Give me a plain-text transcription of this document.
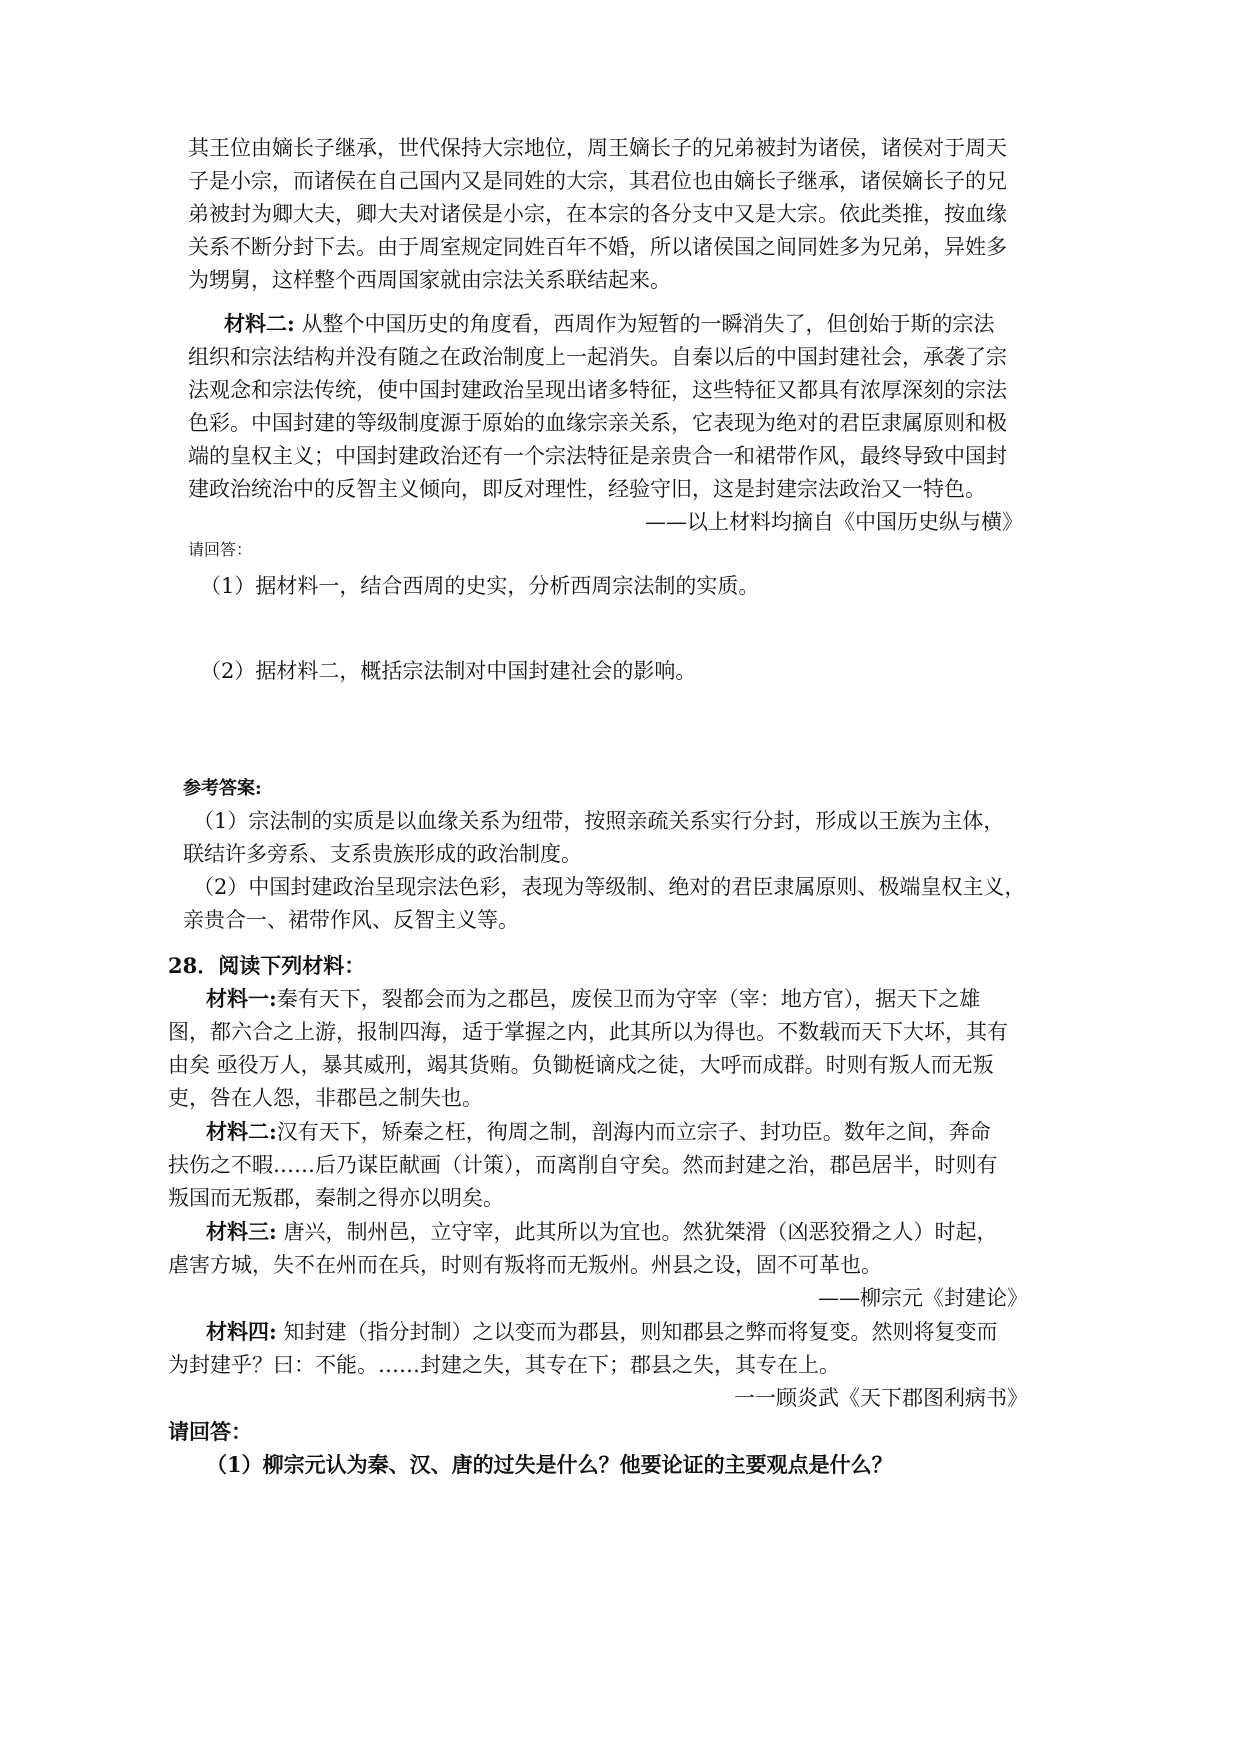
其王位由嫡长子继承，世代保持大宗地位，周王嫡长子的兄弟被封为诸侯，诸侯对于周天
子是小宗，而诸侯在自己国内又是同姓的大宗，其君位也由嫡长子继承，诸侯嫡长子的兄
弟被封为卿大夫，卿大夫对诸侯是小宗，在本宗的各分支中又是大宗。依此类推，按血缘
关系不断分封下去。由于周室规定同姓百年不婚，所以诸侯国之间同姓多为兄弟，异姓多
为甥舅，这样整个西周国家就由宗法关系联结起来。
材料二: 从整个中国历史的角度看，西周作为短暂的一瞬消失了，但创始于斯的宗法
组织和宗法结构并没有随之在政治制度上一起消失。自秦以后的中国封建社会，承袭了宗
法观念和宗法传统，使中国封建政治呈现出诸多特征，这些特征又都具有浓厚深刻的宗法
色彩。中国封建的等级制度源于原始的血缘宗亲关系，它表现为绝对的君臣隶属原则和极
端的皇权主义；中国封建政治还有一个宗法特征是亲贵合一和裙带作风，最终导致中国封
建政治统治中的反智主义倾向，即反对理性，经验守旧，这是封建宗法政治又一特色。
——以上材料均摘自《中国历史纵与横》
请回答：
（1）据材料一，结合西周的史实，分析西周宗法制的实质。
（2）据材料二，概括宗法制对中国封建社会的影响。
参考答案:
（1）宗法制的实质是以血缘关系为纽带，按照亲疏关系实行分封，形成以王族为主体，
联结许多旁系、支系贵族形成的政治制度。
（2）中国封建政治呈现宗法色彩，表现为等级制、绝对的君臣隶属原则、极端皇权主义，
亲贵合一、裙带作风、反智主义等。
28．阅读下列材料：
材料一:秦有天下，裂都会而为之郡邑，废侯卫而为守宰（宰：地方官），据天下之雄
图，都六合之上游，报制四海，适于掌握之内，此其所以为得也。不数载而天下大坏，其有
由矣 亟役万人，暴其威刑，竭其货贿。负锄梃谪戍之徒，大呼而成群。时则有叛人而无叛
吏，咎在人怨，非郡邑之制失也。
材料二:汉有天下，矫秦之枉，徇周之制，剖海内而立宗子、封功臣。数年之间，奔命
扶伤之不暇……后乃谋臣献画（计策），而离削自守矣。然而封建之治，郡邑居半，时则有
叛国而无叛郡，秦制之得亦以明矣。
材料三: 唐兴，制州邑，立守宰，此其所以为宜也。然犹桀滑（凶恶狡猾之人）时起，
虐害方城，失不在州而在兵，时则有叛将而无叛州。州县之设，固不可革也。
——柳宗元《封建论》
材料四: 知封建（指分封制）之以变而为郡县，则知郡县之弊而将复变。然则将复变而
为封建乎？曰：不能。……封建之失，其专在下；郡县之失，其专在上。
一一顾炎武《天下郡图利病书》
请回答：
（1）柳宗元认为秦、汉、唐的过失是什么？他要论证的主要观点是什么？
